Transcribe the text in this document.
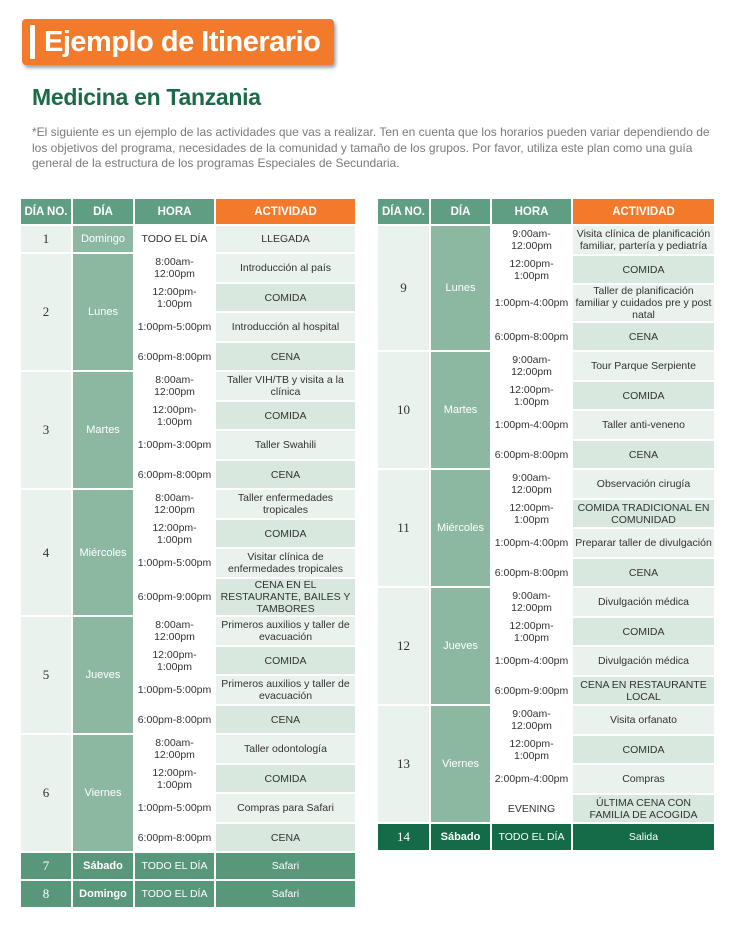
Ejemplo de Itinerario
Medicina en Tanzania
*El siguiente es un ejemplo de las actividades que vas a realizar. Ten en cuenta que los horarios pueden variar dependiendo de los objetivos del programa, necesidades de la comunidad y tamaño de los grupos. Por favor, utiliza este plan como una guía general de la estructura de los programas Especiales de Secundaria.
DÍA NO.	DÍA	HORA	ACTIVIDAD
1	Domingo	TODO EL DÍA	LLEGADA
2	Lunes	8:00am-12:00pm	Introducción al país
		12:00pm-1:00pm	COMIDA
		1:00pm-5:00pm	Introducción al hospital
		6:00pm-8:00pm	CENA
3	Martes	8:00am-12:00pm	Taller VIH/TB y visita a la clínica
		12:00pm-1:00pm	COMIDA
		1:00pm-3:00pm	Taller Swahili
		6:00pm-8:00pm	CENA
4	Miércoles	8:00am-12:00pm	Taller enfermedades tropicales
		12:00pm-1:00pm	COMIDA
		1:00pm-5:00pm	Visitar clínica de enfermedades tropicales
		6:00pm-9:00pm	CENA EN EL RESTAURANTE, BAILES Y TAMBORES
5	Jueves	8:00am-12:00pm	Primeros auxilios y taller de evacuación
		12:00pm-1:00pm	COMIDA
		1:00pm-5:00pm	Primeros auxilios y taller de evacuación
		6:00pm-8:00pm	CENA
6	Viernes	8:00am-12:00pm	Taller odontología
		12:00pm-1:00pm	COMIDA
		1:00pm-5:00pm	Compras para Safari
		6:00pm-8:00pm	CENA
7	Sábado	TODO EL DÍA	Safari
8	Domingo	TODO EL DÍA	Safari
DÍA NO.	DÍA	HORA	ACTIVIDAD
9	Lunes	9:00am-12:00pm	Visita clínica de planificación familiar, partería y pediatría
		12:00pm-1:00pm	COMIDA
		1:00pm-4:00pm	Taller de planificación familiar y cuidados pre y post natal
		6:00pm-8:00pm	CENA
10	Martes	9:00am-12:00pm	Tour Parque Serpiente
		12:00pm-1:00pm	COMIDA
		1:00pm-4:00pm	Taller anti-veneno
		6:00pm-8:00pm	CENA
11	Miércoles	9:00am-12:00pm	Observación cirugía
		12:00pm-1:00pm	COMIDA TRADICIONAL EN COMUNIDAD
		1:00pm-4:00pm	Preparar taller de divulgación
		6:00pm-8:00pm	CENA
12	Jueves	9:00am-12:00pm	Divulgación médica
		12:00pm-1:00pm	COMIDA
		1:00pm-4:00pm	Divulgación médica
		6:00pm-9:00pm	CENA EN RESTAURANTE LOCAL
13	Viernes	9:00am-12:00pm	Visita orfanato
		12:00pm-1:00pm	COMIDA
		2:00pm-4:00pm	Compras
		EVENING	ÚLTIMA CENA CON FAMILIA DE ACOGIDA
14	Sábado	TODO EL DÍA	Salida
